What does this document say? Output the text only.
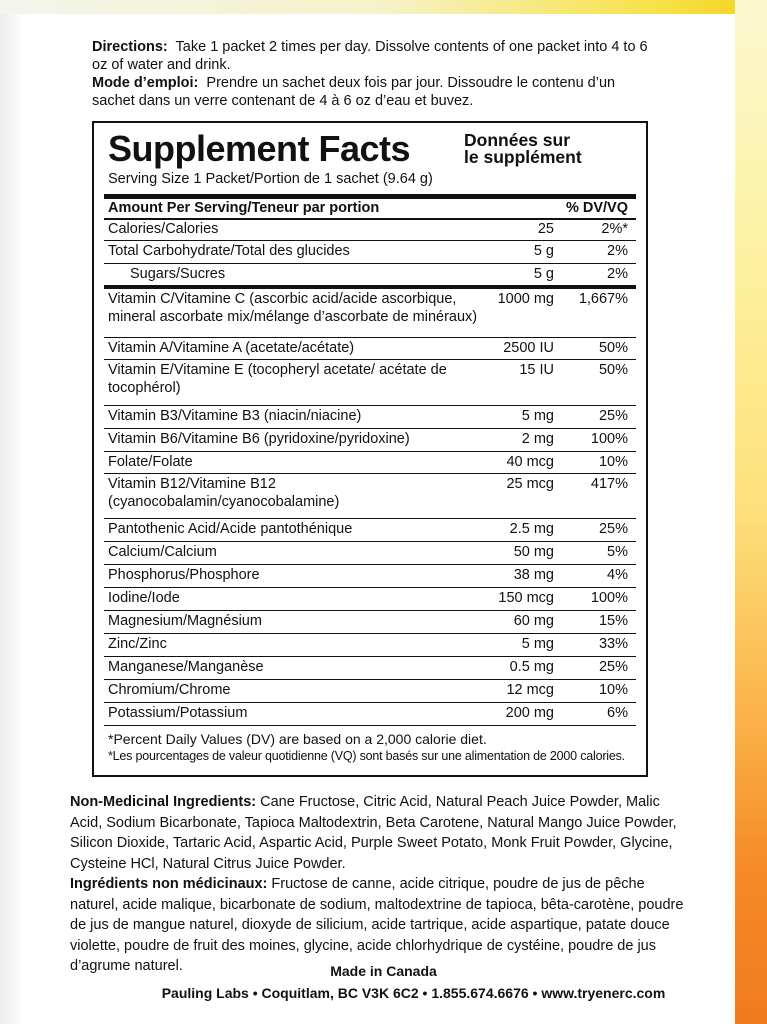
Directions: Take 1 packet 2 times per day. Dissolve contents of one packet into 4 to 6 oz of water and drink.

Mode d’emploi: Prendre un sachet deux fois par jour. Dissoudre le contenu d’un sachet dans un verre contenant de 4 à 6 oz d’eau et buvez.

Supplement Facts	Données sur
le supplément
Serving Size 1 Packet/Portion de 1 sachet (9.64 g)
Amount Per Serving/Teneur par portion	% DV/VQ
Calories/Calories	25	2%*
Total Carbohydrate/Total des glucides	5 g	2%
Sugars/Sucres	5 g	2%
Vitamin C/Vitamine C (ascorbic acid/acide ascorbique, mineral ascorbate mix/mélange d’ascorbate de minéraux)
1000 mg 1,667%
Vitamin A/Vitamine A (acetate/acétate)	2500 IU	50%
Vitamin E/Vitamine E (tocopheryl acetate/ acétate de tocophérol)
15 IU	50%
Vitamin B3/Vitamine B3 (niacin/niacine)	5 mg	25%
Vitamin B6/Vitamine B6 (pyridoxine/pyridoxine)	2 mg	100%
Folate/Folate	40 mcg	10%
Vitamin B12/Vitamine B12 (cyanocobalamin/cyanocobalamine)
25 mcg	417%
Pantothenic Acid/Acide pantothénique	2.5 mg	25%
Calcium/Calcium	50 mg	5%
Phosphorus/Phosphore	38 mg	4%
Iodine/Iode	150 mcg	100%
Magnesium/Magnésium	60 mg	15%
Zinc/Zinc	5 mg	33%
Manganese/Manganèse	0.5 mg	25%
Chromium/Chrome	12 mcg	10%
Potassium/Potassium	200 mg	6%
*Percent Daily Values (DV) are based on a 2,000 calorie diet.
*Les pourcentages de valeur quotidienne (VQ) sont basés sur une alimentation de 2000 calories.

Non-Medicinal Ingredients: Cane Fructose, Citric Acid, Natural Peach Juice Powder, Malic Acid, Sodium Bicarbonate, Tapioca Maltodextrin, Beta Carotene, Natural Mango Juice Powder, Silicon Dioxide, Tartaric Acid, Aspartic Acid, Purple Sweet Potato, Monk Fruit Powder, Glycine, Cysteine HCl, Natural Citrus Juice Powder.

Ingrédients non médicinaux: Fructose de canne, acide citrique, poudre de jus de pêche naturel, acide malique, bicarbonate de sodium, maltodextrine de tapioca, bêta-carotène, poudre de jus de mangue naturel, dioxyde de silicium, acide tartrique, acide aspartique, patate douce violette, poudre de fruit des moines, glycine, acide chlorhydrique de cystéine, poudre de jus d’agrume naturel.	Made in Canada
Pauling Labs • Coquitlam, BC V3K 6C2 • 1.855.674.6676 • www.tryenerc.com
